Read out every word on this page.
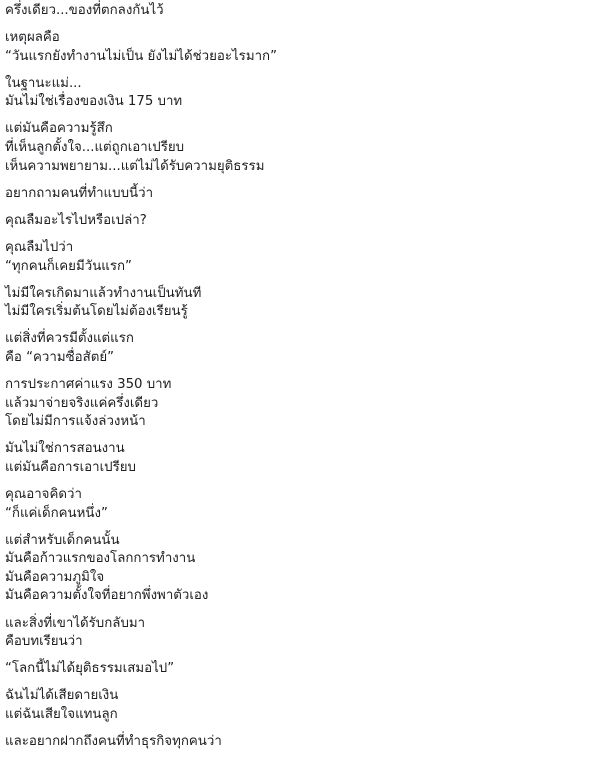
ครึ่งเดียว...ของที่ตกลงกันไว้
เหตุผลคือ
“วันแรกยังทำงานไม่เป็น ยังไม่ได้ช่วยอะไรมาก”
ในฐานะแม่...
มันไม่ใช่เรื่องของเงิน 175 บาท
แต่มันคือความรู้สึก
ที่เห็นลูกตั้งใจ...แต่ถูกเอาเปรียบ
เห็นความพยายาม...แต่ไม่ได้รับความยุติธรรม
อยากถามคนที่ทำแบบนี้ว่า
คุณลืมอะไรไปหรือเปล่า?
คุณลืมไปว่า
“ทุกคนก็เคยมีวันแรก”
ไม่มีใครเกิดมาแล้วทำงานเป็นทันที
ไม่มีใครเริ่มต้นโดยไม่ต้องเรียนรู้
แต่สิ่งที่ควรมีตั้งแต่แรก
คือ “ความซื่อสัตย์”
การประกาศค่าแรง 350 บาท
แล้วมาจ่ายจริงแค่ครึ่งเดียว
โดยไม่มีการแจ้งล่วงหน้า
มันไม่ใช่การสอนงาน
แต่มันคือการเอาเปรียบ
คุณอาจคิดว่า
“ก็แค่เด็กคนหนึ่ง”
แต่สำหรับเด็กคนนั้น
มันคือก้าวแรกของโลกการทำงาน
มันคือความภูมิใจ
มันคือความตั้งใจที่อยากพึ่งพาตัวเอง
และสิ่งที่เขาได้รับกลับมา
คือบทเรียนว่า
“โลกนี้ไม่ได้ยุติธรรมเสมอไป”
ฉันไม่ได้เสียดายเงิน
แต่ฉันเสียใจแทนลูก
และอยากฝากถึงคนที่ทำธุรกิจทุกคนว่า
